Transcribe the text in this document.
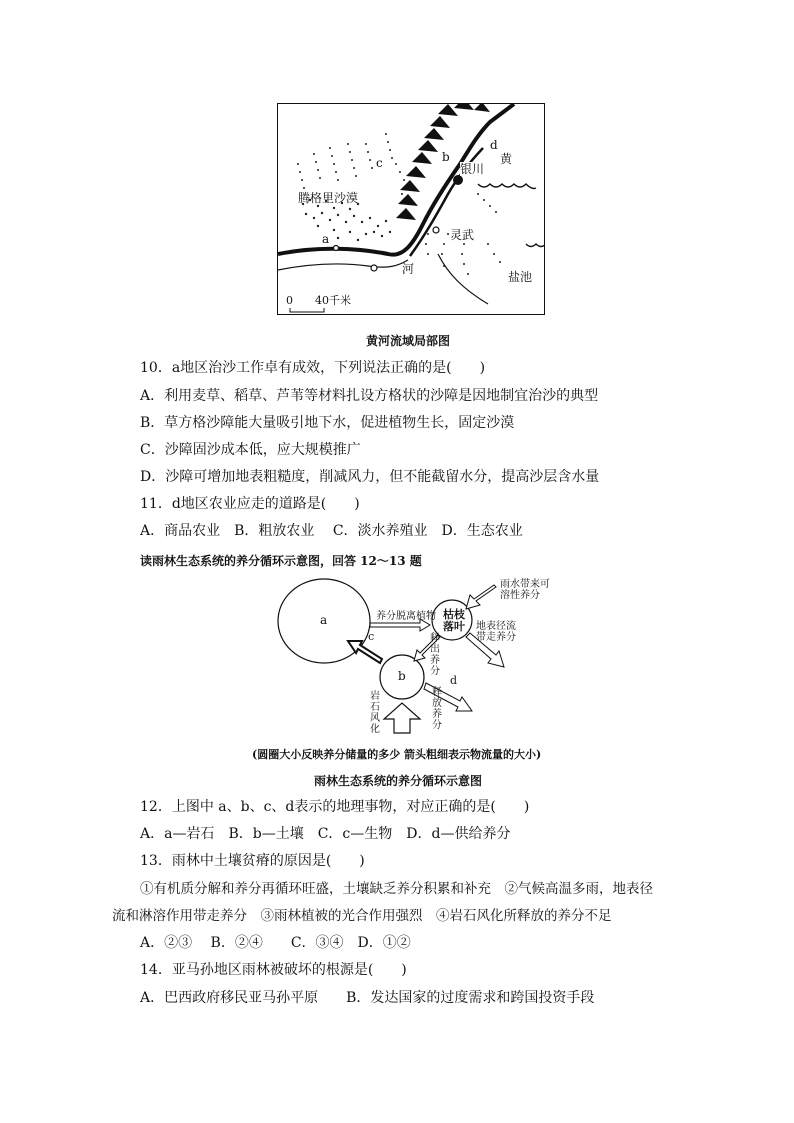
腾格里沙漠
银川
黄
河
灵武
盐池
a
b
c
d
0　　40千米
黄河流域局部图
10．a地区治沙工作卓有成效，下列说法正确的是(　　)
A．利用麦草、稻草、芦苇等材料扎设方格状的沙障是因地制宜治沙的典型
B．草方格沙障能大量吸引地下水，促进植物生长，固定沙漠
C．沙障固沙成本低，应大规模推广
D．沙障可增加地表粗糙度，削减风力，但不能截留水分，提高沙层含水量
11．d地区农业应走的道路是(　　)
A．商品农业　B．粗放农业　 C．淡水养殖业　D．生态农业
读雨林生态系统的养分循环示意图，回答 12～13 题
a
b
枯枝
落叶
养分脱离植物
雨水带来可
溶性养分
地表径流
带走养分
释
出
养
分
c
d
释
放
养
分
岩
石
风
化
(圆圈大小反映养分储量的多少 箭头粗细表示物流量的大小)
雨林生态系统的养分循环示意图
12．上图中 a、b、c、d表示的地理事物，对应正确的是(　　)
A．a—岩石　B．b—土壤　C．c—生物　D．d—供给养分
13．雨林中土壤贫瘠的原因是(　　)
①有机质分解和养分再循环旺盛，土壤缺乏养分积累和补充　②气候高温多雨，地表径
流和淋溶作用带走养分　③雨林植被的光合作用强烈　④岩石风化所释放的养分不足
A．②③　 B．②④　　C．③④　D．①②
14．亚马孙地区雨林被破坏的根源是(　　)
A．巴西政府移民亚马孙平原　　B．发达国家的过度需求和跨国投资手段
